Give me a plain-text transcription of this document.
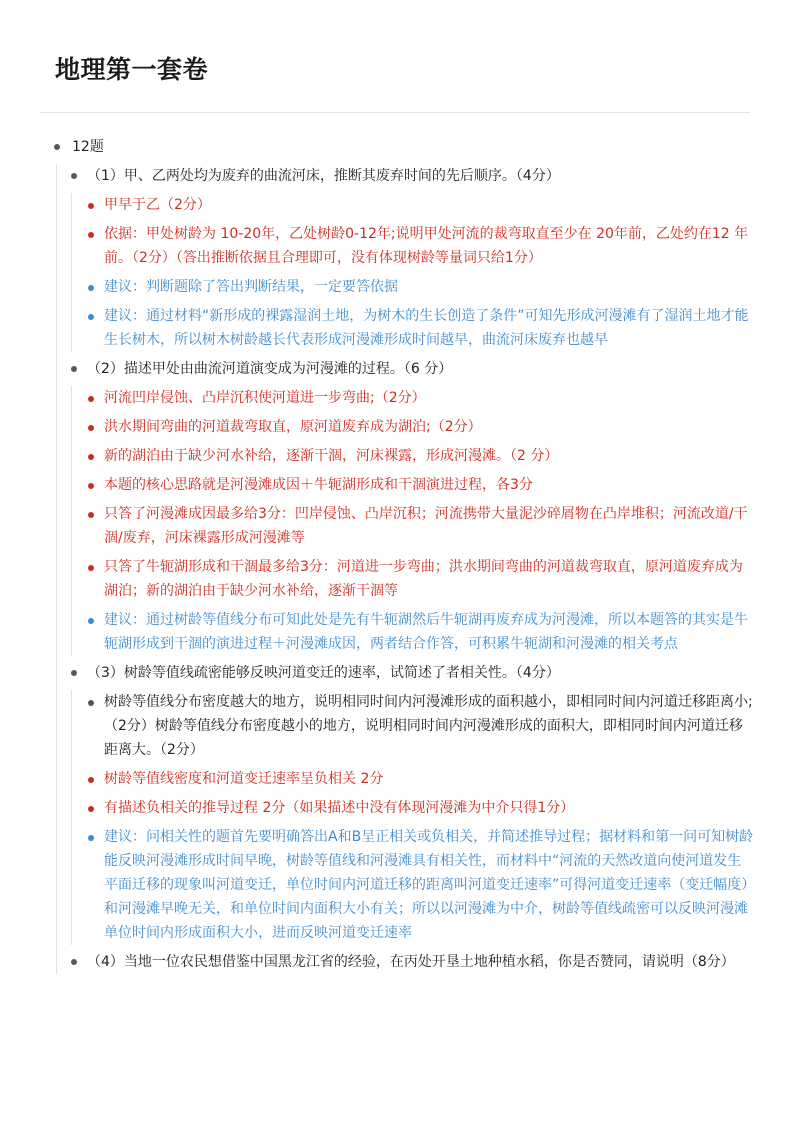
地理第一套卷
12题
（1）甲、乙两处均为废弃的曲流河床，推断其废弃时间的先后顺序。（4分）
甲早于乙（2分）
依据：甲处树龄为 10-20年，乙处树龄0-12年;说明甲处河流的裁弯取直至少在 20年前，乙处约在12 年前。（2分）（答出推断依据且合理即可，没有体现树龄等量词只给1分）
建议：判断题除了答出判断结果，一定要答依据
建议：通过材料“新形成的裸露湿润土地，为树木的生长创造了条件”可知先形成河漫滩有了湿润土地才能生长树木，所以树木树龄越长代表形成河漫滩形成时间越早，曲流河床废弃也越早
（2）描述甲处由曲流河道演变成为河漫滩的过程。（6 分）
河流凹岸侵蚀、凸岸沉积使河道进一步弯曲;（2分）
洪水期间弯曲的河道裁弯取直，原河道废弃成为湖泊;（2分）
新的湖泊由于缺少河水补给，逐渐干涸，河床裸露，形成河漫滩。（2 分）
本题的核心思路就是河漫滩成因＋牛轭湖形成和干涸演进过程，各3分
只答了河漫滩成因最多给3分：凹岸侵蚀、凸岸沉积；河流携带大量泥沙碎屑物在凸岸堆积；河流改道/干涸/废弃，河床裸露形成河漫滩等
只答了牛轭湖形成和干涸最多给3分：河道进一步弯曲；洪水期间弯曲的河道裁弯取直，原河道废弃成为湖泊；新的湖泊由于缺少河水补给，逐渐干涸等
建议：通过树龄等值线分布可知此处是先有牛轭湖然后牛轭湖再废弃成为河漫滩，所以本题答的其实是牛轭湖形成到干涸的演进过程＋河漫滩成因，两者结合作答，可积累牛轭湖和河漫滩的相关考点
（3）树龄等值线疏密能够反映河道变迁的速率，试简述了者相关性。（4分）
树龄等值线分布密度越大的地方，说明相同时间内河漫滩形成的面积越小，即相同时间内河道迁移距离小;（2分）树龄等值线分布密度越小的地方，说明相同时间内河漫滩形成的面积大，即相同时间内河道迁移距离大。（2分）
树龄等值线密度和河道变迁速率呈负相关 2分
有描述负相关的推导过程 2分（如果描述中没有体现河漫滩为中介只得1分）
建议：问相关性的题首先要明确答出A和B呈正相关或负相关，并简述推导过程；据材料和第一问可知树龄能反映河漫滩形成时间早晚，树龄等值线和河漫滩具有相关性，而材料中“河流的天然改道向使河道发生平面迁移的现象叫河道变迁，单位时间内河道迁移的距离叫河道变迁速率”可得河道变迁速率（变迁幅度）和河漫滩早晚无关，和单位时间内面积大小有关；所以以河漫滩为中介，树龄等值线疏密可以反映河漫滩单位时间内形成面积大小，进而反映河道变迁速率
（4）当地一位农民想借鉴中国黑龙江省的经验，在丙处开垦土地种植水稻，你是否赞同，请说明（8分）
